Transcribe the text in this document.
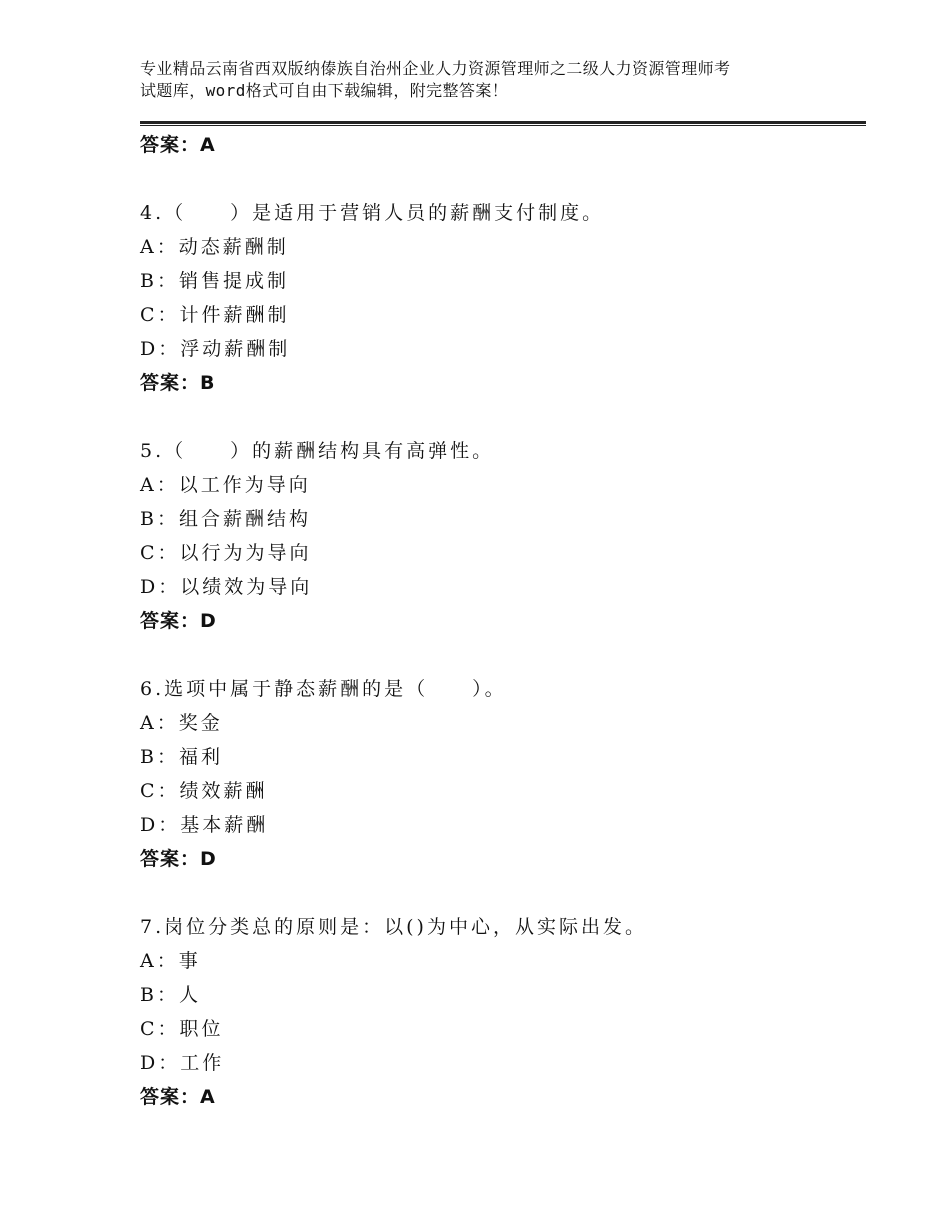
专业精品云南省西双版纳傣族自治州企业人力资源管理师之二级人力资源管理师考
试题库，word格式可自由下载编辑，附完整答案！
答案：A
4.（　　）是适用于营销人员的薪酬支付制度。
A：动态薪酬制
B：销售提成制
C：计件薪酬制
D：浮动薪酬制
答案：B
5.（　　）的薪酬结构具有高弹性。
A：以工作为导向
B：组合薪酬结构
C：以行为为导向
D：以绩效为导向
答案：D
6.选项中属于静态薪酬的是（　　）。
A：奖金
B：福利
C：绩效薪酬
D：基本薪酬
答案：D
7.岗位分类总的原则是：以()为中心，从实际出发。
A：事
B：人
C：职位
D：工作
答案：A
